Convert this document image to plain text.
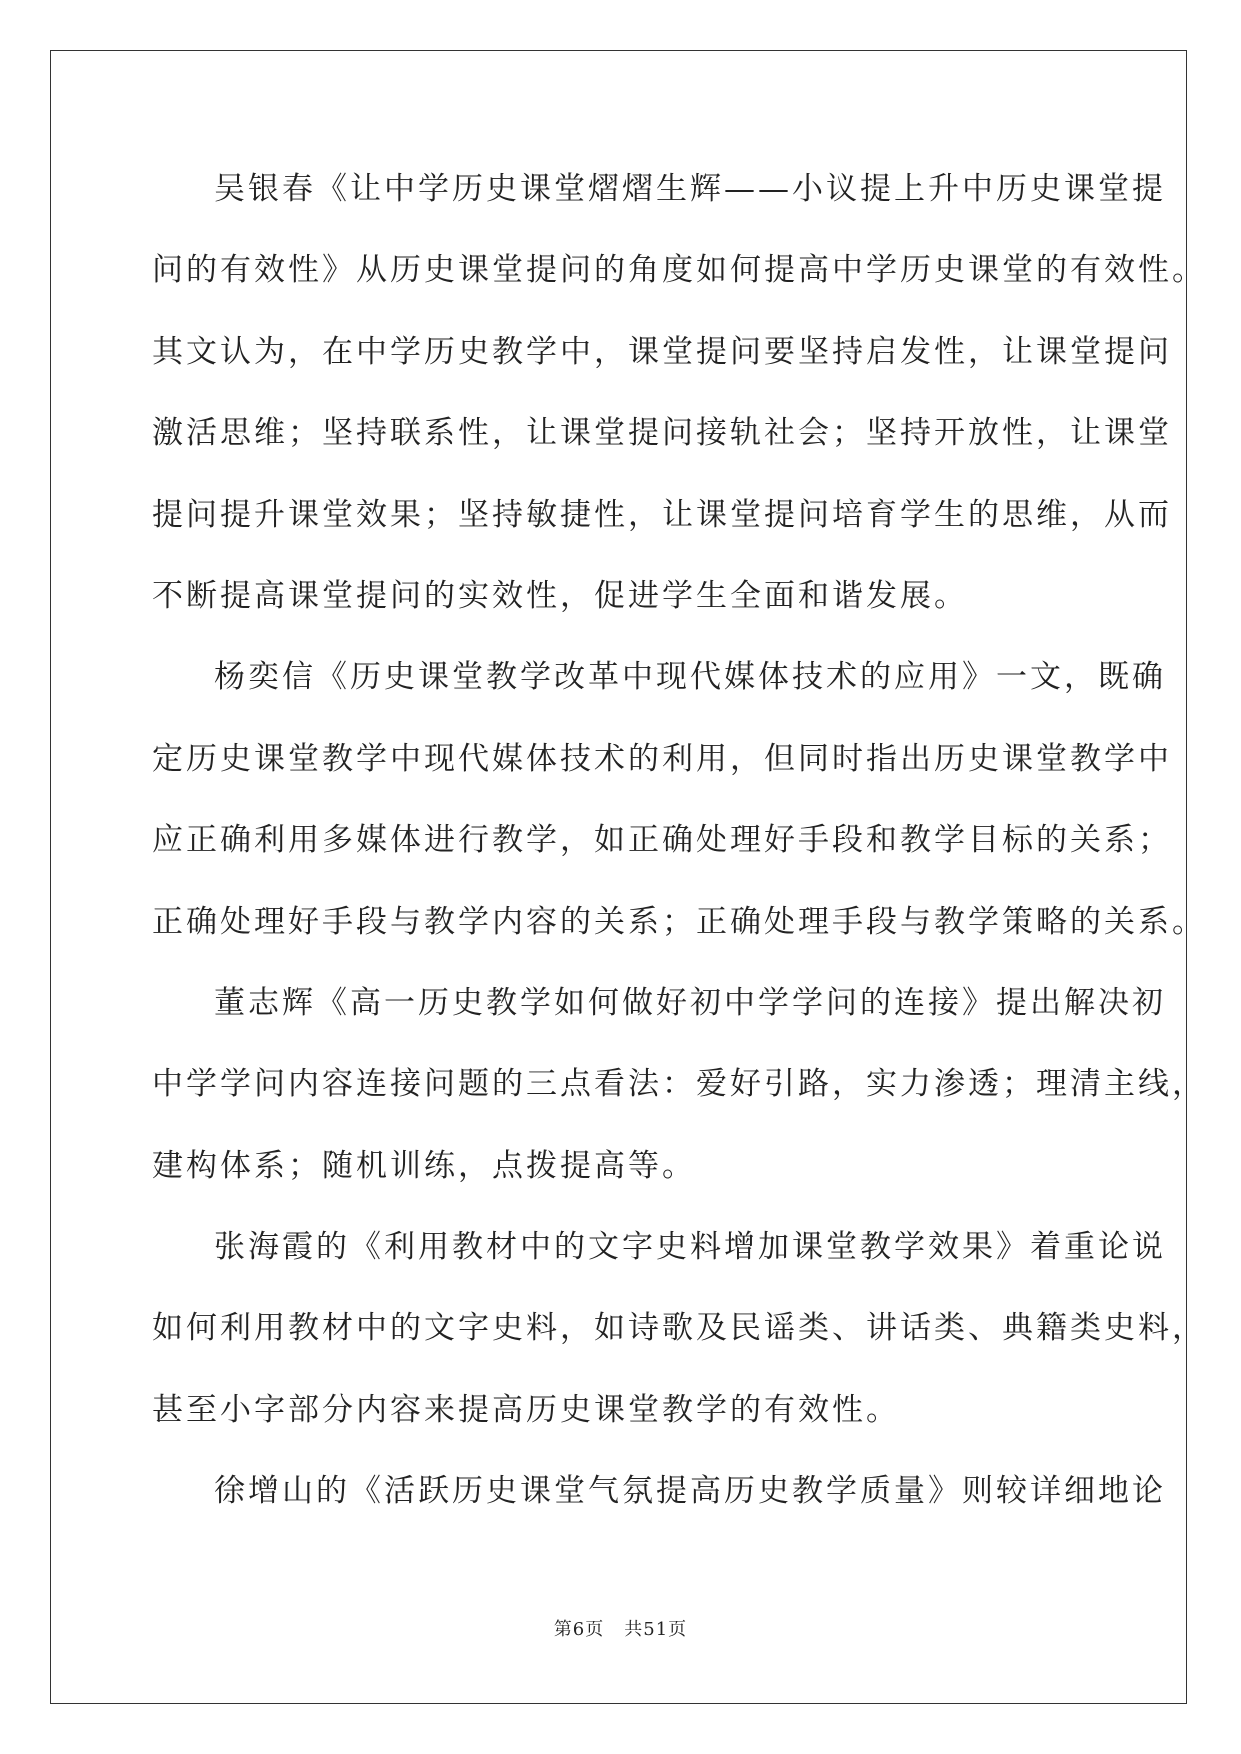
吴银春《让中学历史课堂熠熠生辉——小议提上升中历史课堂提
问的有效性》从历史课堂提问的角度如何提高中学历史课堂的有效性。
其文认为，在中学历史教学中，课堂提问要坚持启发性，让课堂提问
激活思维；坚持联系性，让课堂提问接轨社会；坚持开放性，让课堂
提问提升课堂效果；坚持敏捷性，让课堂提问培育学生的思维，从而
不断提高课堂提问的实效性，促进学生全面和谐发展。
杨奕信《历史课堂教学改革中现代媒体技术的应用》一文，既确
定历史课堂教学中现代媒体技术的利用，但同时指出历史课堂教学中
应正确利用多媒体进行教学，如正确处理好手段和教学目标的关系；
正确处理好手段与教学内容的关系；正确处理手段与教学策略的关系。
董志辉《高一历史教学如何做好初中学学问的连接》提出解决初
中学学问内容连接问题的三点看法：爱好引路，实力渗透；理清主线，
建构体系；随机训练，点拨提高等。
张海霞的《利用教材中的文字史料增加课堂教学效果》着重论说
如何利用教材中的文字史料，如诗歌及民谣类、讲话类、典籍类史料，
甚至小字部分内容来提高历史课堂教学的有效性。
徐增山的《活跃历史课堂气氛提高历史教学质量》则较详细地论
第6页 共51页
